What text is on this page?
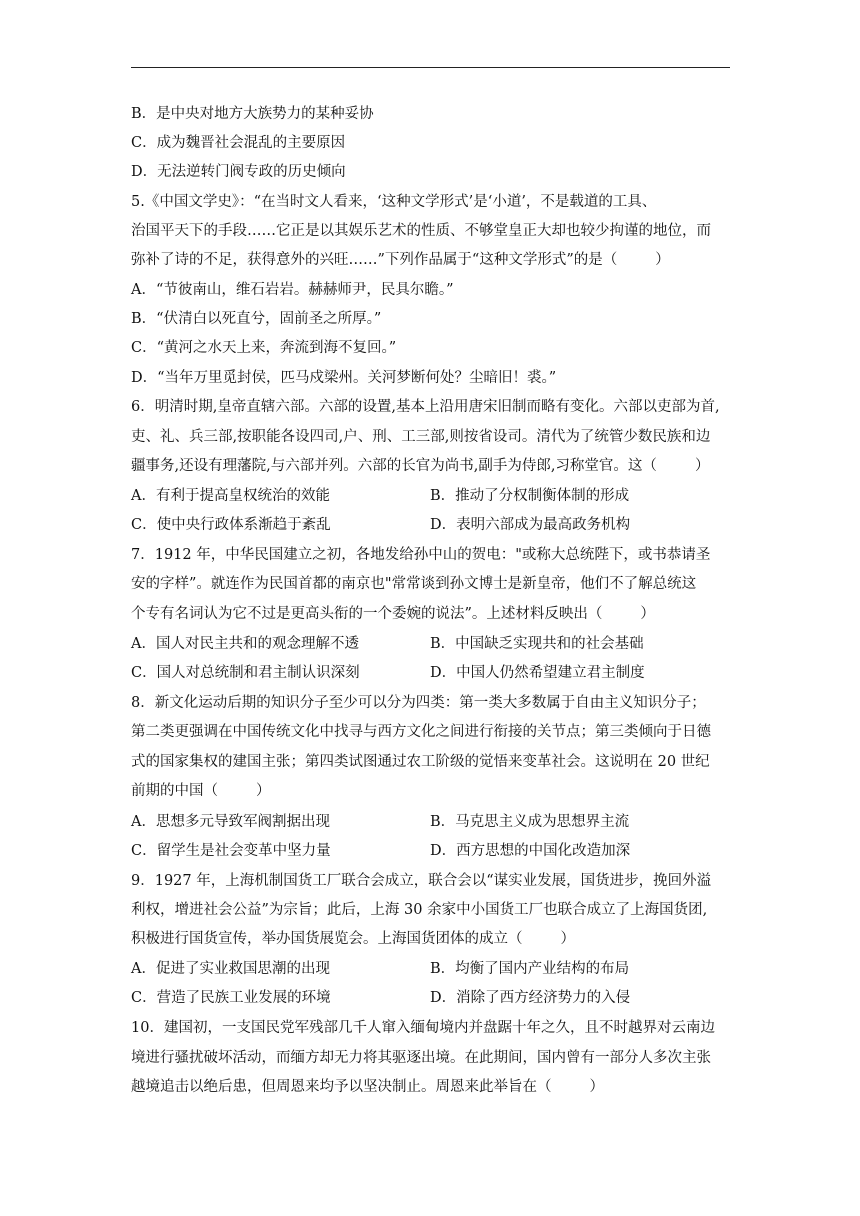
B．是中央对地方大族势力的某种妥协
C．成为魏晋社会混乱的主要原因
D．无法逆转门阀专政的历史倾向
5.《中国文学史》：“在当时文人看来，‘这种文学形式’是‘小道’，不是载道的工具、
治国平天下的手段……它正是以其娱乐艺术的性质、不够堂皇正大却也较少拘谨的地位，而
弥补了诗的不足，获得意外的兴旺……”下列作品属于“这种文学形式”的是（	）
A．“节彼南山，维石岩岩。赫赫师尹，民具尔瞻。”
B．“伏清白以死直兮，固前圣之所厚。”
C．“黄河之水天上来，奔流到海不复回。”
D．“当年万里觅封侯，匹马戍梁州。关河梦断何处？尘暗旧！裘。”
6．明清时期,皇帝直辖六部。六部的设置,基本上沿用唐宋旧制而略有变化。六部以吏部为首,
吏、礼、兵三部,按职能各设四司,户、刑、工三部,则按省设司。清代为了统管少数民族和边
疆事务,还设有理藩院,与六部并列。六部的长官为尚书,副手为侍郎,习称堂官。这（	）
A．有利于提高皇权统治的效能	B．推动了分权制衡体制的形成
C．使中央行政体系渐趋于紊乱	D．表明六部成为最高政务机构
7．1912 年，中华民国建立之初，各地发给孙中山的贺电："或称大总统陛下，或书恭请圣
安的字样”。就连作为民国首都的南京也"常常谈到孙文博士是新皇帝，他们不了解总统这
个专有名词认为它不过是更高头衔的一个委婉的说法”。上述材料反映出（	）
A．国人对民主共和的观念理解不透	B．中国缺乏实现共和的社会基础
C．国人对总统制和君主制认识深刻	D．中国人仍然希望建立君主制度
8．新文化运动后期的知识分子至少可以分为四类：第一类大多数属于自由主义知识分子；
第二类更强调在中国传统文化中找寻与西方文化之间进行衔接的关节点；第三类倾向于日德
式的国家集权的建国主张；第四类试图通过农工阶级的觉悟来变革社会。这说明在 20 世纪
前期的中国（	）
A．思想多元导致军阀割据出现	B．马克思主义成为思想界主流
C．留学生是社会变革中坚力量	D．西方思想的中国化改造加深
9．1927 年，上海机制国货工厂联合会成立，联合会以“谋实业发展，国货进步，挽回外溢
利权，增进社会公益”为宗旨；此后，上海 30 余家中小国货工厂也联合成立了上海国货团,
积极进行国货宣传，举办国货展览会。上海国货团体的成立（	）
A．促进了实业救国思潮的出现	B．均衡了国内产业结构的布局
C．营造了民族工业发展的环境	D．消除了西方经济势力的入侵
10．建国初，一支国民党军残部几千人窜入缅甸境内并盘踞十年之久，且不时越界对云南边
境进行骚扰破坏活动，而缅方却无力将其驱逐出境。在此期间，国内曾有一部分人多次主张
越境追击以绝后患，但周恩来均予以坚决制止。周恩来此举旨在（	）
